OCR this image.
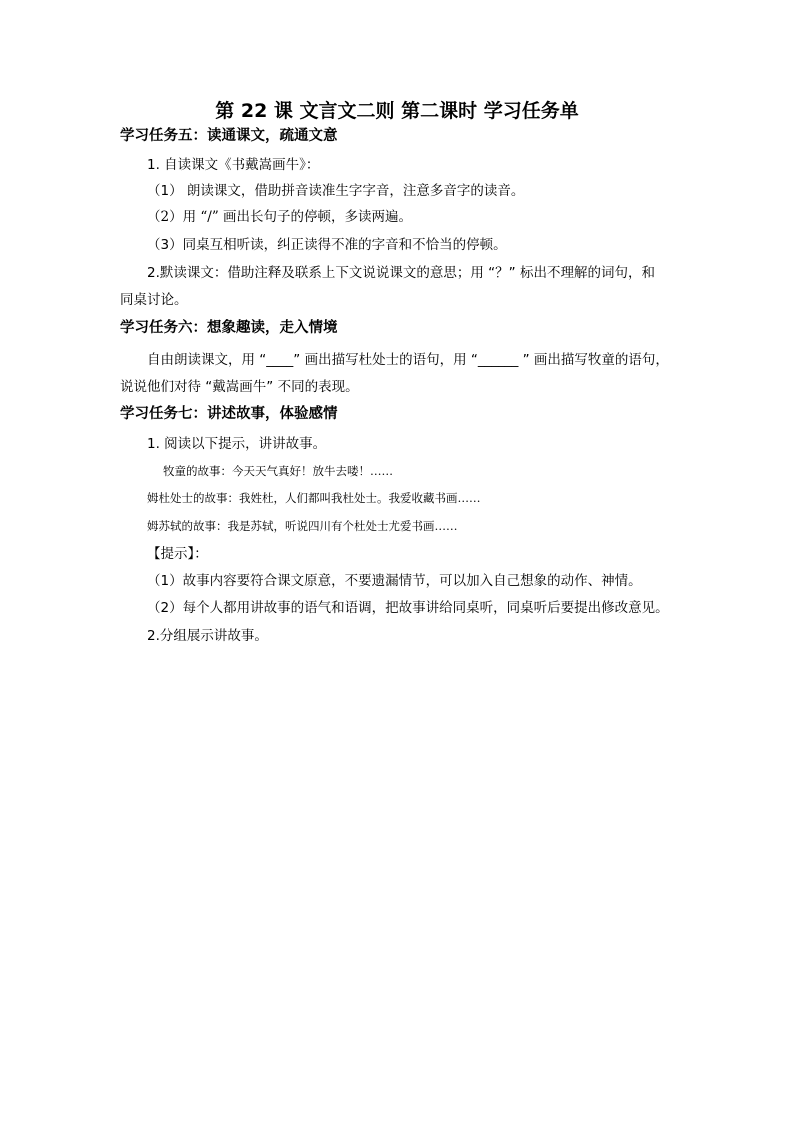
第 22 课 文言文二则 第二课时 学习任务单
学习任务五：读通课文，疏通文意
1. 自读课文《书戴嵩画牛》：
（1） 朗读课文，借助拼音读准生字字音，注意多音字的读音。
（2）用 “/” 画出长句子的停顿，多读两遍。
（3）同桌互相听读，纠正读得不准的字音和不恰当的停顿。
2.默读课文：借助注释及联系上下文说说课文的意思；用 “？” 标出不理解的词句，和
同桌讨论。
学习任务六：想象趣读，走入情境
自由朗读课文，用 “____” 画出描写杜处士的语句，用 “______ ” 画出描写牧童的语句，
说说他们对待 “戴嵩画牛” 不同的表现。
学习任务七：讲述故事，体验感情
1. 阅读以下提示，讲讲故事。
牧童的故事：今天天气真好！放牛去喽！……
姆杜处士的故事：我姓杜，人们都叫我杜处士。我爱收藏书画……
姆苏轼的故事：我是苏轼，听说四川有个杜处士尤爱书画……
【提示】：
（1）故事内容要符合课文原意，不要遗漏情节，可以加入自己想象的动作、神情。
（2）每个人都用讲故事的语气和语调，把故事讲给同桌听，同桌听后要提出修改意见。
2.分组展示讲故事。
